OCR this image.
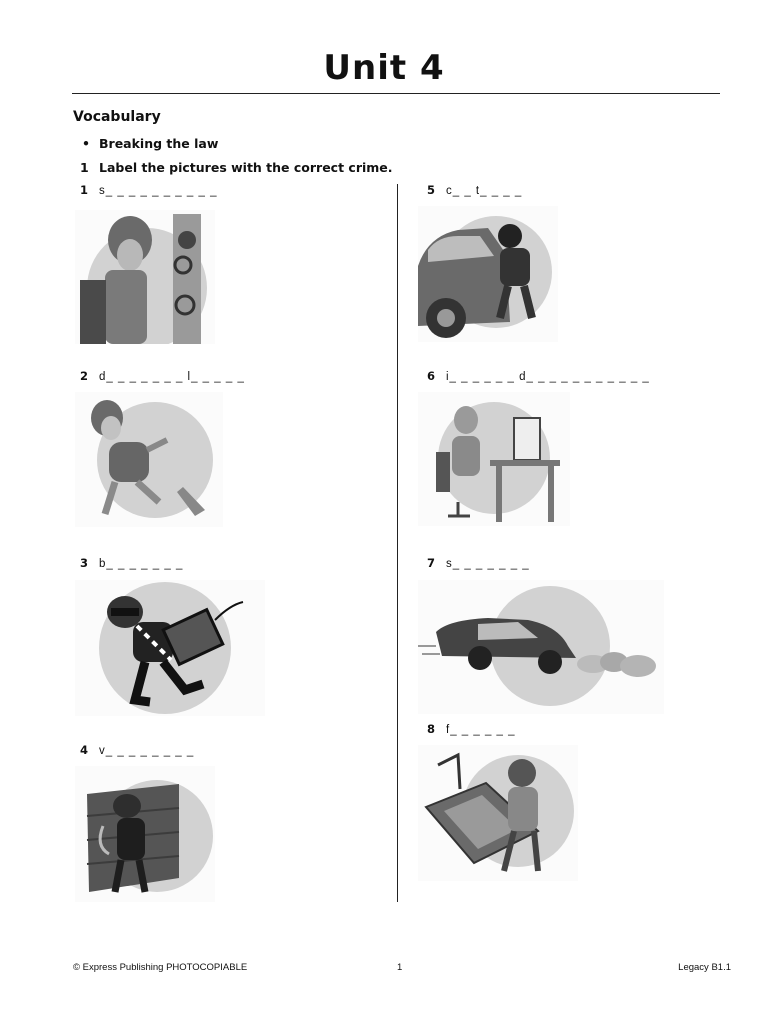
Unit 4
Vocabulary
• Breaking the law
1 Label the pictures with the correct crime.
1 s_ _ _ _ _ _ _ _ _ _
2 d_ _ _ _ _ _ _ l_ _ _ _ _
3 b_ _ _ _ _ _ _
4 v_ _ _ _ _ _ _ _
5 c_ _ t_ _ _ _
6 i_ _ _ _ _ _ d_ _ _ _ _ _ _ _ _ _ _
7 s_ _ _ _ _ _ _
8 f_ _ _ _ _ _
© Express Publishing PHOTOCOPIABLE	1	Legacy B1.1
